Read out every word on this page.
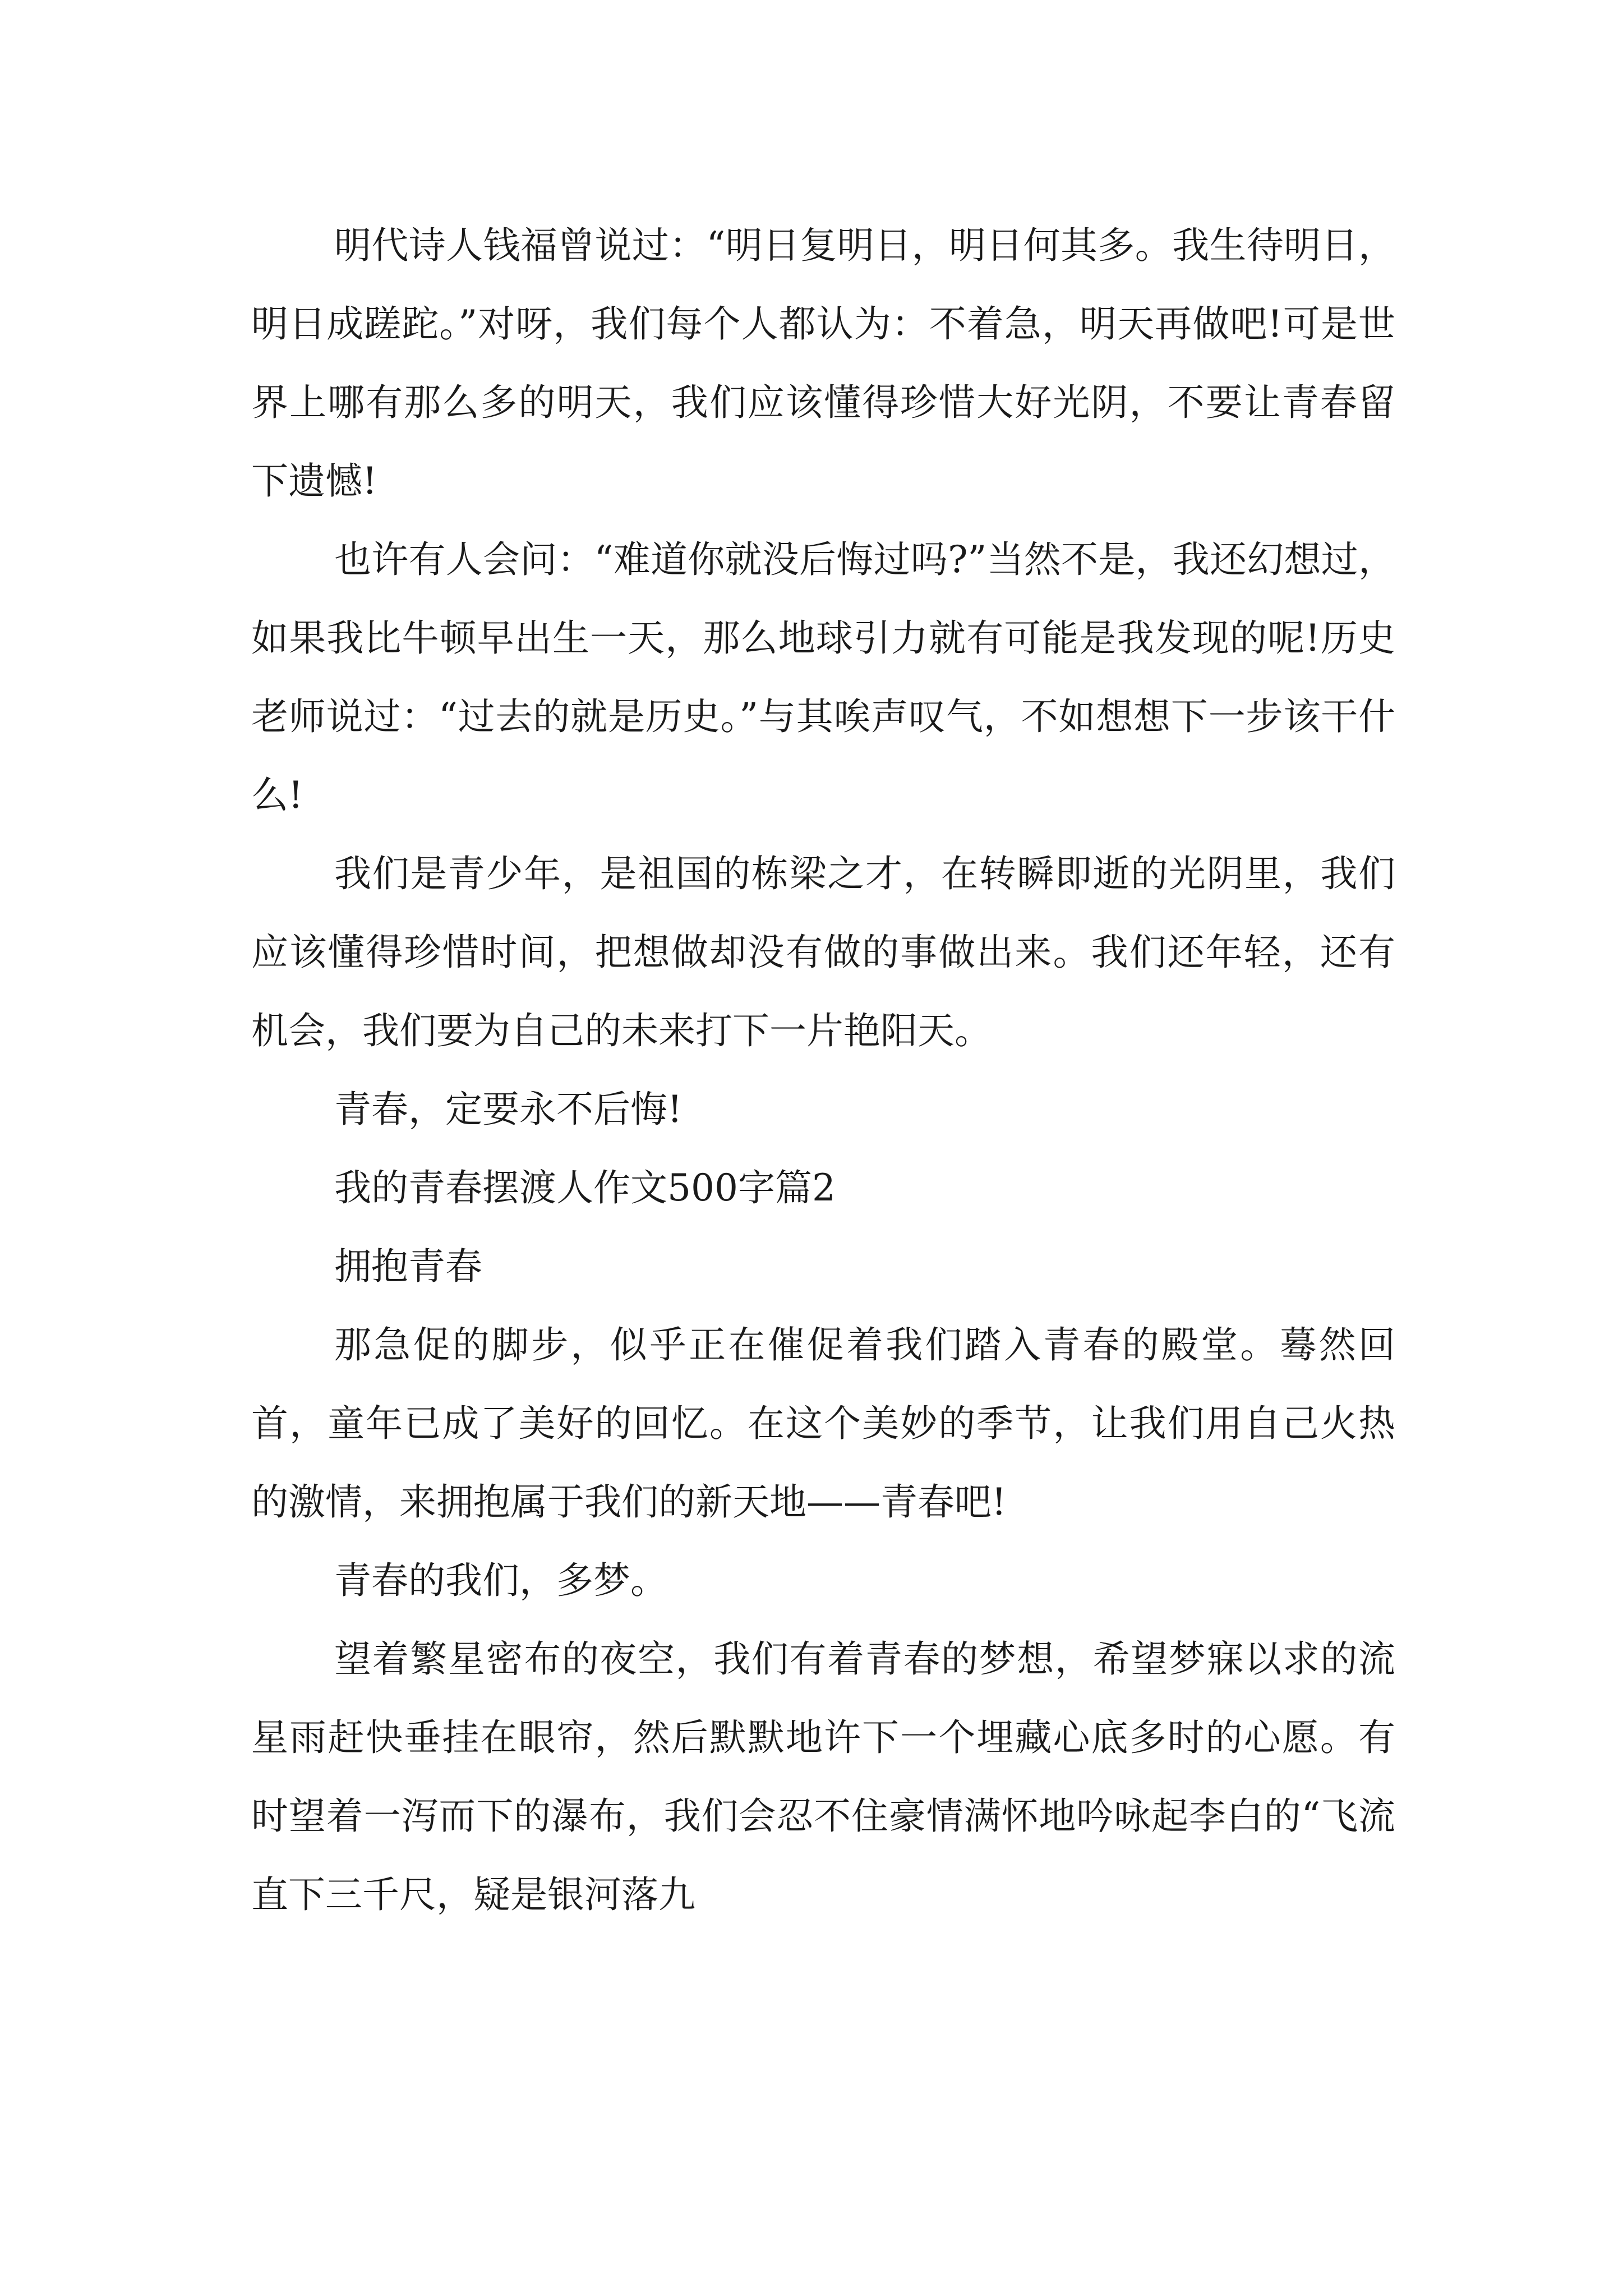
明代诗人钱福曾说过：“明日复明日，明日何其多。我生待明日，明日成蹉跎。”对呀，我们每个人都认为：不着急，明天再做吧!可是世界上哪有那么多的明天，我们应该懂得珍惜大好光阴，不要让青春留下遗憾!

也许有人会问：“难道你就没后悔过吗?”当然不是，我还幻想过，如果我比牛顿早出生一天，那么地球引力就有可能是我发现的呢!历史老师说过：“过去的就是历史。”与其唉声叹气，不如想想下一步该干什么!

我们是青少年，是祖国的栋梁之才，在转瞬即逝的光阴里，我们应该懂得珍惜时间，把想做却没有做的事做出来。我们还年轻，还有机会，我们要为自己的未来打下一片艳阳天。

青春，定要永不后悔!

我的青春摆渡人作文500字篇2

拥抱青春

那急促的脚步，似乎正在催促着我们踏入青春的殿堂。蓦然回首，童年已成了美好的回忆。在这个美妙的季节，让我们用自己火热的激情，来拥抱属于我们的新天地——青春吧!

青春的我们，多梦。

望着繁星密布的夜空，我们有着青春的梦想，希望梦寐以求的流星雨赶快垂挂在眼帘，然后默默地许下一个埋藏心底多时的心愿。有时望着一泻而下的瀑布，我们会忍不住豪情满怀地吟咏起李白的“飞流直下三千尺，疑是银河落九
